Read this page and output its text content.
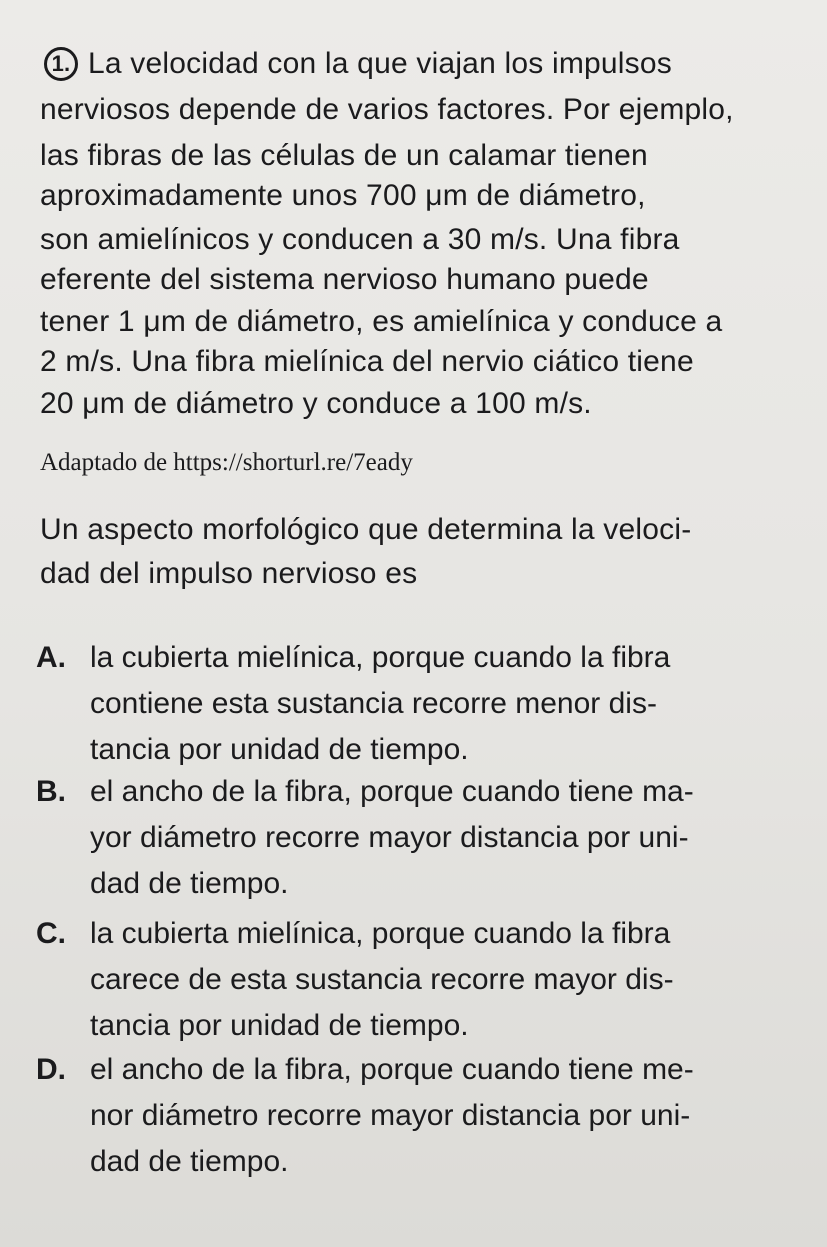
1. La velocidad con la que viajan los impulsos
nerviosos depende de varios factores. Por ejemplo,
las fibras de las células de un calamar tienen
aproximadamente unos 700 μm de diámetro,
son amielínicos y conducen a 30 m/s. Una fibra
eferente del sistema nervioso humano puede
tener 1 μm de diámetro, es amielínica y conduce a
2 m/s. Una fibra mielínica del nervio ciático tiene
20 μm de diámetro y conduce a 100 m/s.
Adaptado de https://shorturl.re/7eady
Un aspecto morfológico que determina la veloci-
dad del impulso nervioso es
A. la cubierta mielínica, porque cuando la fibra
contiene esta sustancia recorre menor dis-
tancia por unidad de tiempo.
B. el ancho de la fibra, porque cuando tiene ma-
yor diámetro recorre mayor distancia por uni-
dad de tiempo.
C. la cubierta mielínica, porque cuando la fibra
carece de esta sustancia recorre mayor dis-
tancia por unidad de tiempo.
D. el ancho de la fibra, porque cuando tiene me-
nor diámetro recorre mayor distancia por uni-
dad de tiempo.
